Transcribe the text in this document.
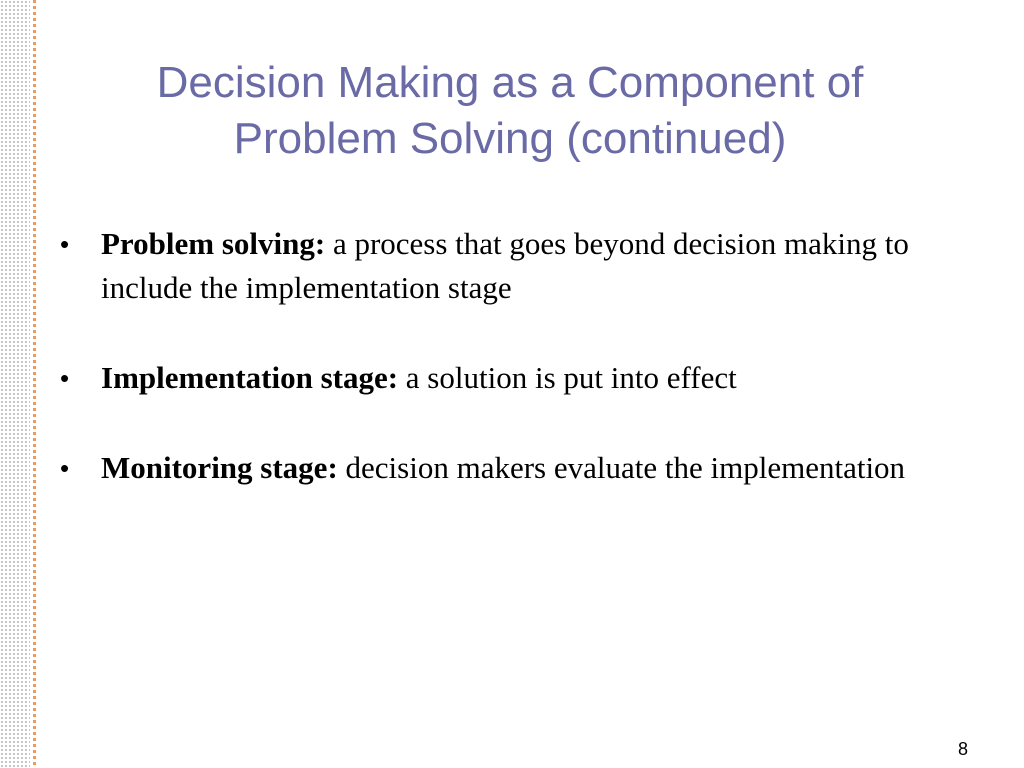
Decision Making as a Component of
Problem Solving (continued)
• Problem solving: a process that goes beyond decision making to include the implementation stage
• Implementation stage: a solution is put into effect
• Monitoring stage: decision makers evaluate the implementation
8
